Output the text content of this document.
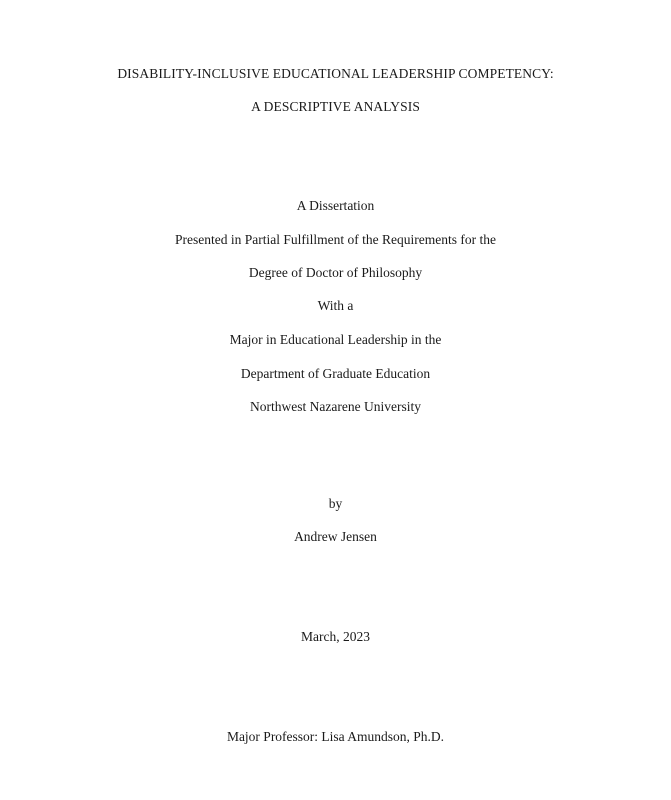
DISABILITY-INCLUSIVE EDUCATIONAL LEADERSHIP COMPETENCY:
A DESCRIPTIVE ANALYSIS
A Dissertation
Presented in Partial Fulfillment of the Requirements for the
Degree of Doctor of Philosophy
With a
Major in Educational Leadership in the
Department of Graduate Education
Northwest Nazarene University
by
Andrew Jensen
March, 2023
Major Professor: Lisa Amundson, Ph.D.
